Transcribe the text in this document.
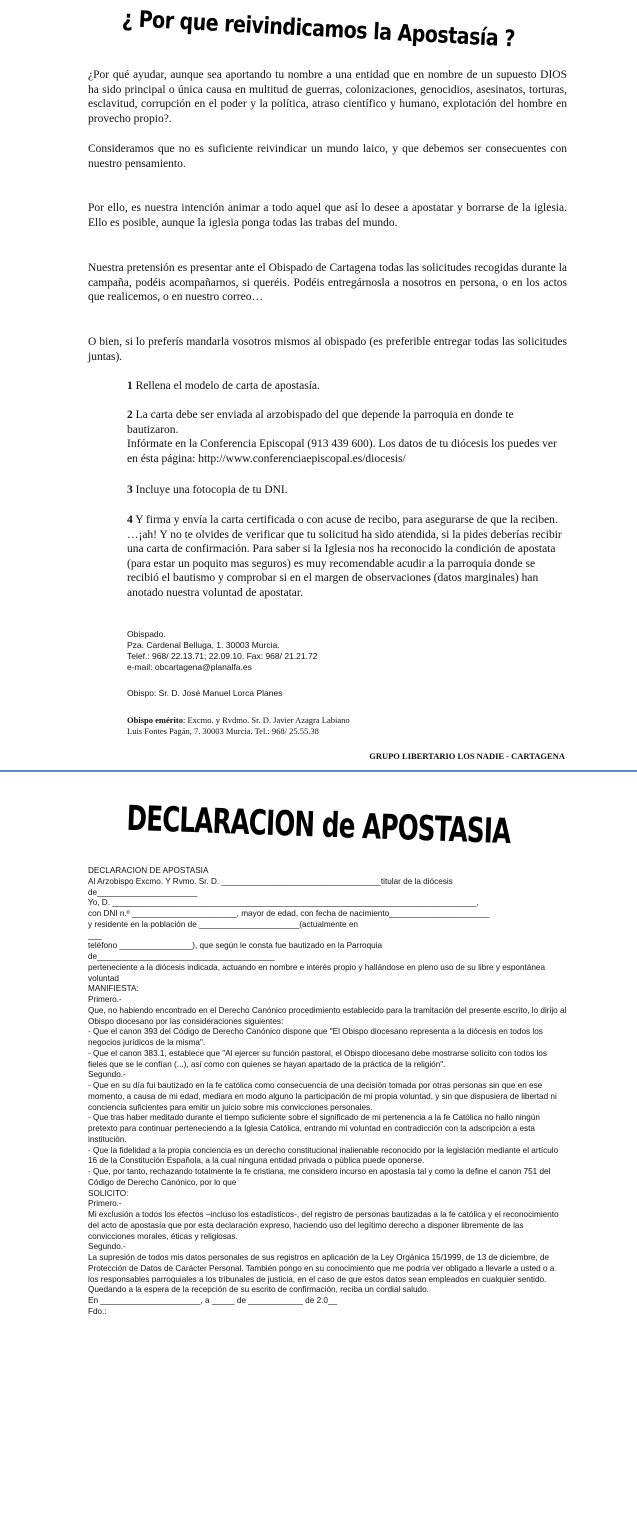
¿ Por que reivindicamos la Apostasía ?

¿Por qué ayudar, aunque sea aportando tu nombre a una entidad que en nombre de un supuesto DIOS ha sido principal o única causa en multitud de guerras, colonizaciones, genocidios, asesinatos, torturas, esclavitud, corrupción en el poder y la política, atraso científico y humano, explotación del hombre en provecho propio?.

Consideramos que no es suficiente reivindicar un mundo laico, y que debemos ser consecuentes con nuestro pensamiento.

Por ello, es nuestra intención animar a todo aquel que así lo desee a apostatar y borrarse de la iglesia. Ello es posible, aunque la iglesia ponga todas las trabas del mundo.

Nuestra pretensión es presentar ante el Obispado de Cartagena todas las solicitudes recogidas durante la campaña, podéis acompañarnos, si queréis. Podéis entregárnosla a nosotros en persona, o en los actos que realicemos, o en nuestro correo…

O bien, si lo preferís mandarla vosotros mismos al obispado (es preferible entregar todas las solicitudes juntas).

1 Rellena el modelo de carta de apostasía.

2 La carta debe ser enviada al arzobispado del que depende la parroquia en donde te bautizaron.

Infórmate en la Conferencia Episcopal (913 439 600). Los datos de tu diócesis los puedes ver en ésta página: http://www.conferenciaepiscopal.es/diocesis/

3 Incluye una fotocopia de tu DNI.

4 Y firma y envía la carta certificada o con acuse de recibo, para asegurarse de que la reciben. …¡ah! Y no te olvides de verificar que tu solicitud ha sido atendida, si la pides deberías recibir una carta de confirmación. Para saber si la Iglesia nos ha reconocido la condición de apostata (para estar un poquito mas seguros) es muy recomendable acudir a la parroquia donde se recibió el bautismo y comprobar si en el margen de observaciones (datos marginales) han anotado nuestra voluntad de apostatar.

Obispado.
Pza. Cardenal Belluga, 1. 30003 Murcia.
Telef.: 968/ 22.13.71; 22.09.10. Fax: 968/ 21.21.72
e-mail: obcartagena@planalfa.es

Obispo: Sr. D. José Manuel Lorca Planes

Obispo emérito: Excmo. y Rvdmo. Sr. D. Javier Azagra Labiano
Luis Fontes Pagán, 7. 30003 Murcia. Tel.: 968/ 25.55.38

GRUPO LIBERTARIO LOS NADIE - CARTAGENA

DECLARACION de APOSTASIA
DECLARACION DE APOSTASIA
Al Arzobispo Excmo. Y Rvmo. Sr. D. ___________________________________titular de la diócesis
de______________________
Yo, D. ________________________________________________________________________________,
con DNI n.º _______________________, mayor de edad, con fecha de nacimiento______________________
y residente en la población de ______________________(actualmente en
___
teléfono ________________), que según le consta fue bautizado en la Parroquia
de_______________________________________
perteneciente a la diócesis indicada, actuando en nombre e interés propio y hallándose en pleno uso de su libre y espontánea
voluntad
MANIFIESTA:
Primero.-
Que, no habiendo encontrado en el Derecho Canónico procedimiento establecido para la tramitación del presente escrito, lo dirijo al
Obispo diocesano por las consideraciones siguientes:
- Que el canon 393 del Código de Derecho Canónico dispone que "El Obispo diocesano representa a la diócesis en todos los
negocios jurídicos de la misma".
- Que el canon 383.1, establece que "Al ejercer su función pastoral, el Obispo diocesano debe mostrarse solícito con todos los
fieles que se le confían (...), así como con quienes se hayan apartado de la práctica de la religión".
Segundo.-
- Que en su día fui bautizado en la fe católica como consecuencia de una decisión tomada por otras personas sin que en ese
momento, a causa de mi edad, mediara en modo alguno la participación de mi propia voluntad, y sin que dispusiera de libertad ni
conciencia suficientes para emitir un juicio sobre mis convicciones personales.
- Que tras haber meditado durante el tiempo suficiente sobre el significado de mi pertenencia a la fe Católica no hallo ningún
pretexto para continuar perteneciendo a la Iglesia Católica, entrando mi voluntad en contradicción con la adscripción a esta
institución.
- Que la fidelidad a la propia conciencia es un derecho constitucional inalienable reconocido por la legislación mediante el artículo
16 de la Constitución Española, a la cual ninguna entidad privada o pública puede oponerse.
- Que, por tanto, rechazando totalmente la fe cristiana, me considero incurso en apostasía tal y como la define el canon 751 del
Código de Derecho Canónico, por lo que
SOLICITO:
Primero.-
Mi exclusión a todos los efectos –incluso los estadísticos-, del registro de personas bautizadas a la fe católica y el reconocimiento
del acto de apostasía que por esta declaración expreso, haciendo uso del legítimo derecho a disponer libremente de las
convicciones morales, éticas y religiosas.
Segundo.-
La supresión de todos mis datos personales de sus registros en aplicación de la Ley Orgánica 15/1999, de 13 de diciembre, de
Protección de Datos de Carácter Personal. También pongo en su conocimiento que me podría ver obligado a llevarle a usted o a
los responsables parroquiales a los tribunales de justicia, en el caso de que estos datos sean empleados en cualquier sentido.
Quedando a la espera de la recepción de su escrito de confirmación, reciba un cordial saludo.
En ______________________, a _____ de ____________ de 2.0__
Fdo.:
